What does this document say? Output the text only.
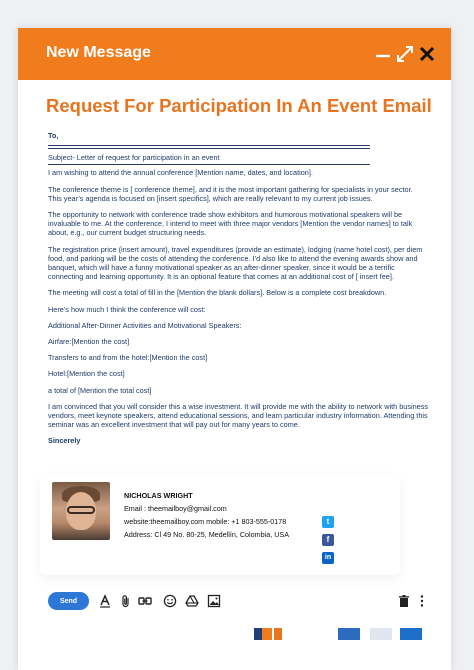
New Message
Request For Participation In An Event Email
To,
Subject- Letter of request for participation in an event

I am wishing to attend the annual conference [Mention name, dates, and location].

The conference theme is [ conference theme], and it is the most important gathering for specialists in your sector. This year’s agenda is focused on [insert specifics], which are really relevant to my current job issues.

The opportunity to network with conference trade show exhibitors and humorous motivational speakers will be invaluable to me. At the conference, I intend to meet with three major vendors [Mention the vendor names] to talk about, e.g., our current budget structuring needs.

The registration price (insert amount), travel expenditures (provide an estimate), lodging (name hotel cost), per diem food, and parking will be the costs of attending the conference. I’d also like to attend the evening awards show and banquet, which will have a funny motivational speaker as an after-dinner speaker, since it would be a terrific connecting and learning opportunity. It is an optional feature that comes at an additional cost of [ insert fee].

The meeting will cost a total of fill in the [Mention the blank dollars]. Below is a complete cost breakdown.

Here’s how much I think the conference will cost:

Additional After-Dinner Activities and Motivational Speakers:

Airfare:[Mention the cost]

Transfers to and from the hotel:[Mention the cost]

Hotel:[Mention the cost]

a total of [Mention the total cost]

I am convinced that you will consider this a wise investment. It will provide me with the ability to network with business vendors, meet keynote speakers, attend educational sessions, and learn particular industry information. Attending this seminar was an excellent investment that will pay out for many years to come.

Sincerely

NICHOLAS WRIGHT
Email : theemailboy@gmail.com
website:theemailboy.com mobile: +1 803-555-0178
Address: Cl 49 No. 80-25, Medellín, Colombia, USA
t
f
in
Send
